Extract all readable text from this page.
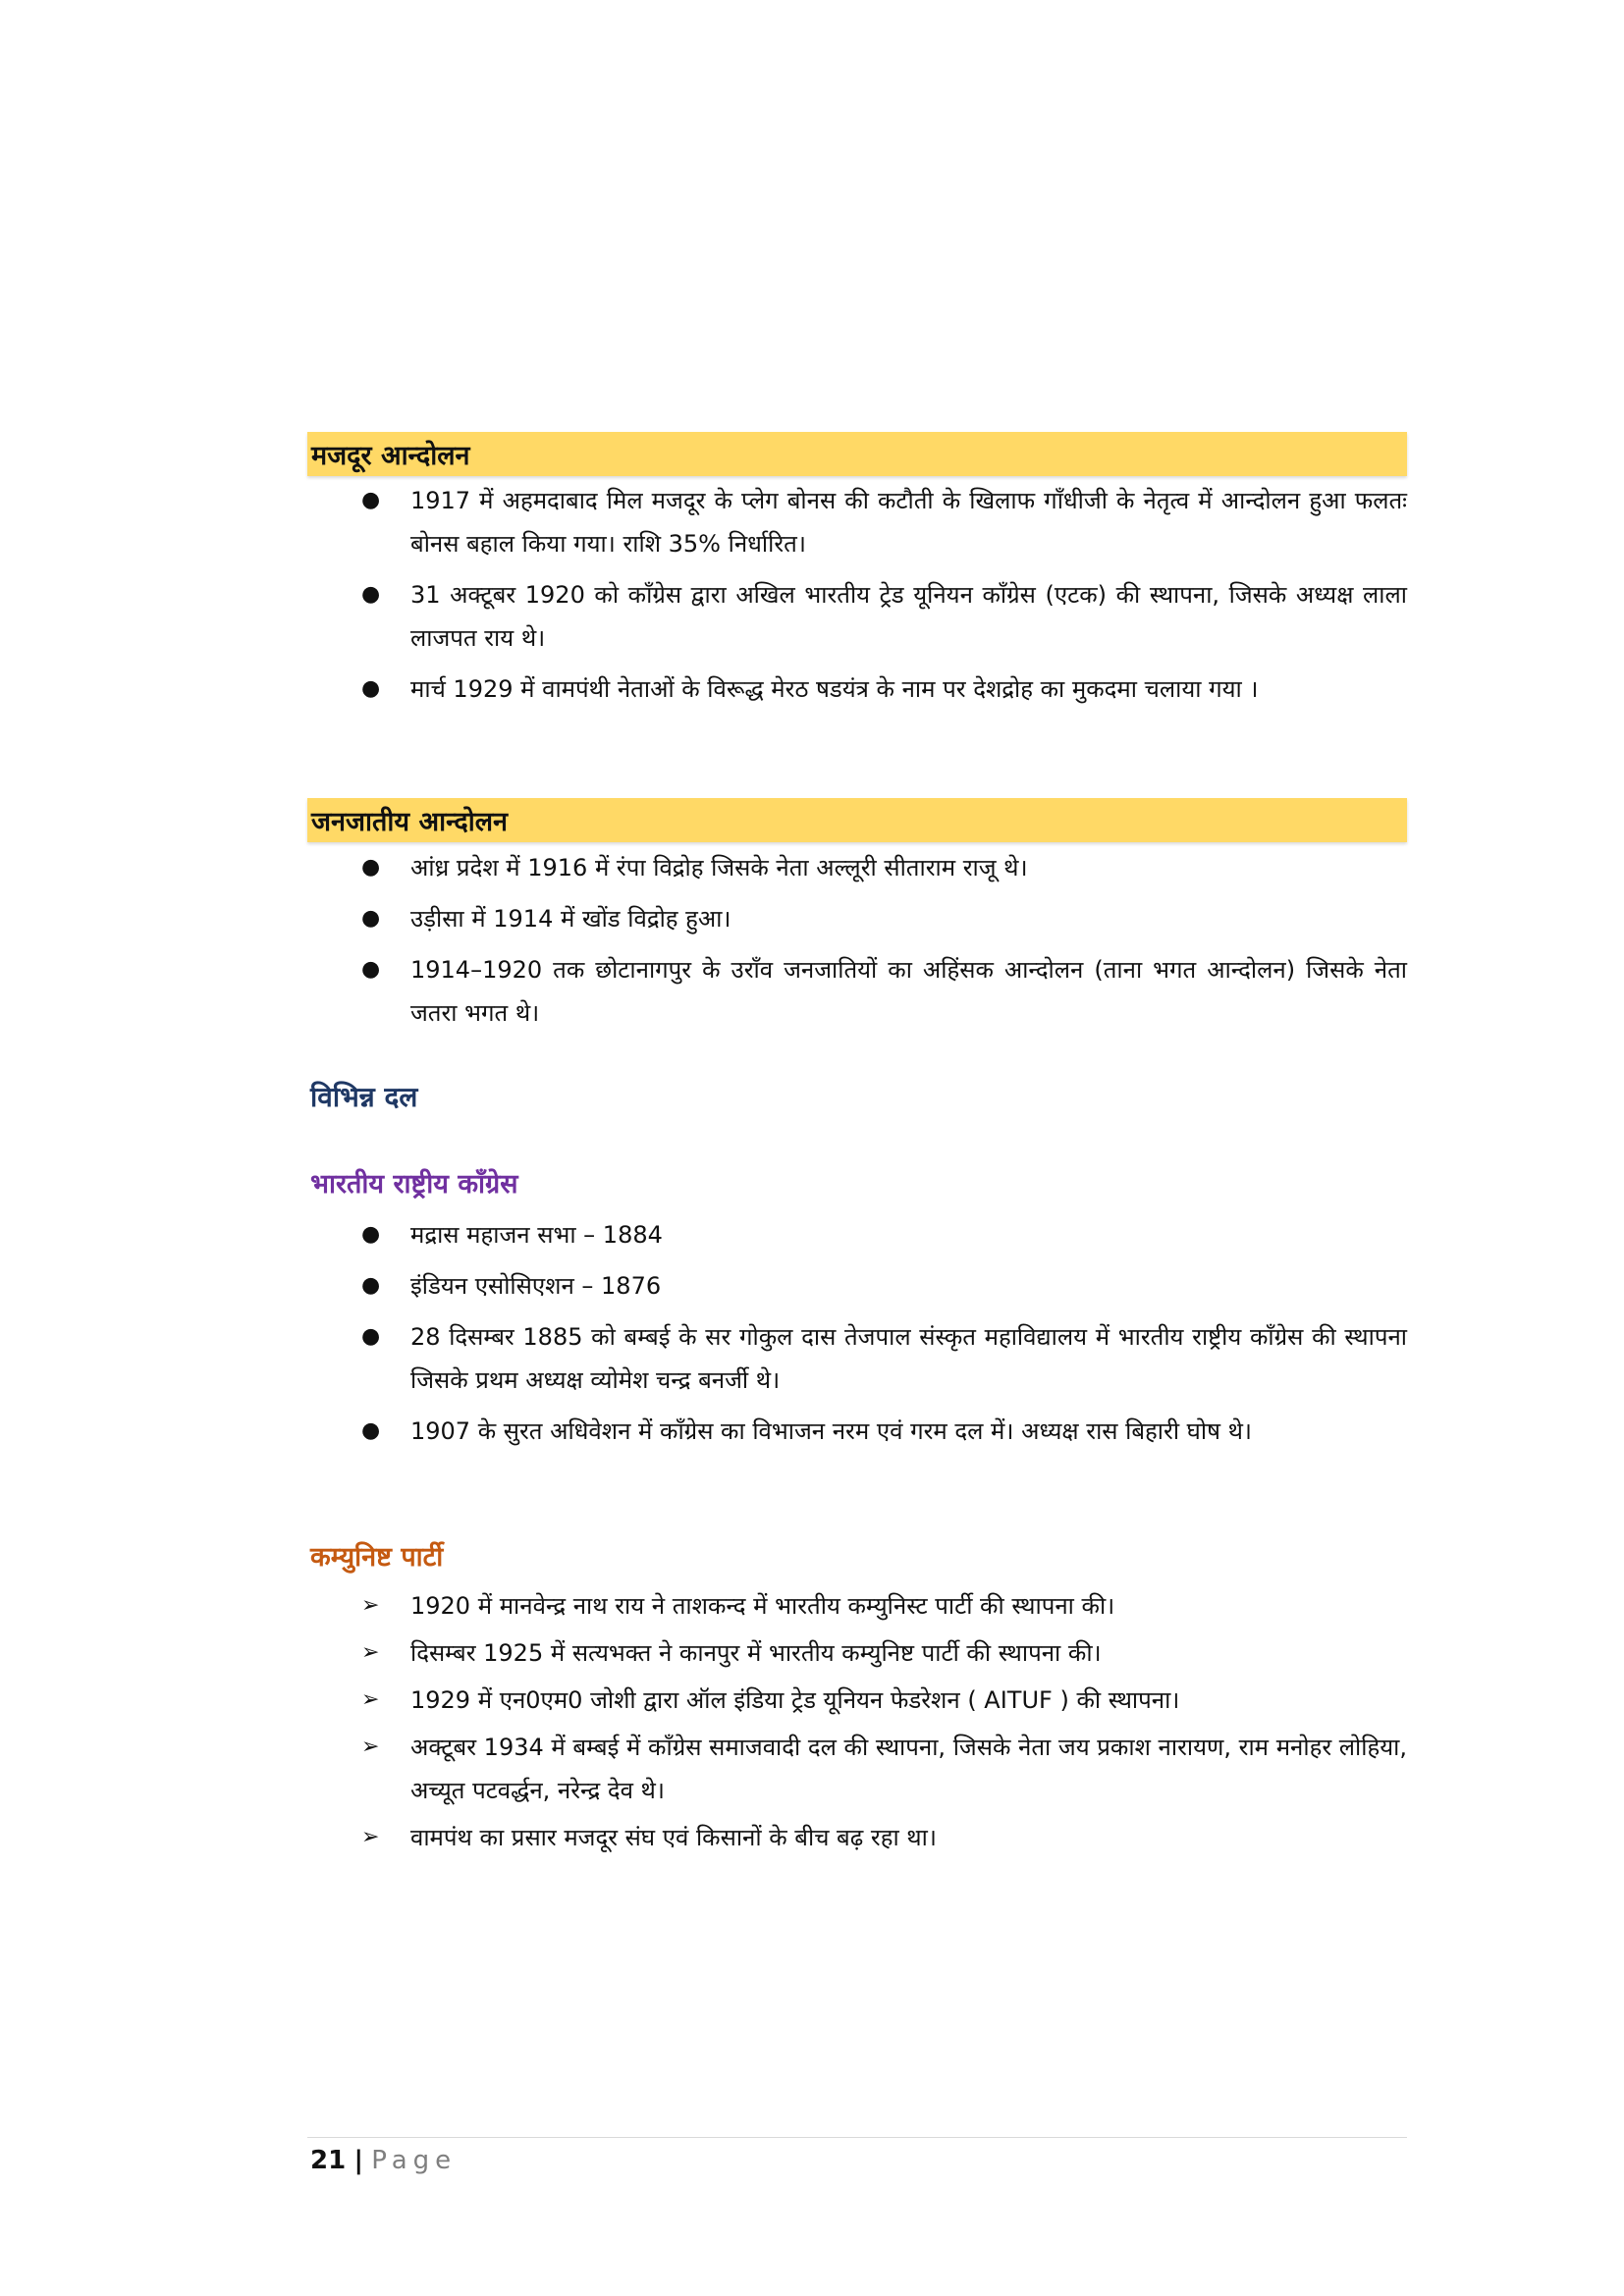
मजदूर आन्दोलन
● 1917 में अहमदाबाद मिल मजदूर के प्लेग बोनस की कटौती के खिलाफ गाँधीजी के नेतृत्व में आन्दोलन हुआ फलतः बोनस बहाल किया गया। राशि 35% निर्धारित।
● 31 अक्टूबर 1920 को कॉंग्रेस द्वारा अखिल भारतीय ट्रेड यूनियन कॉंग्रेस (एटक) की स्थापना, जिसके अध्यक्ष लाला लाजपत राय थे।
● मार्च 1929 में वामपंथी नेताओं के विरूद्ध मेरठ षडयंत्र के नाम पर देशद्रोह का मुकदमा चलाया गया ।
जनजातीय आन्दोलन
● आंध्र प्रदेश में 1916 में रंपा विद्रोह जिसके नेता अल्लूरी सीताराम राजू थे।
● उड़ीसा में 1914 में खोंड विद्रोह हुआ।
● 1914–1920 तक छोटानागपुर के उराँव जनजातियों का अहिंसक आन्दोलन (ताना भगत आन्दोलन) जिसके नेता जतरा भगत थे।
विभिन्न दल
भारतीय राष्ट्रीय कॉंग्रेस
● मद्रास महाजन सभा – 1884
● इंडियन एसोसिएशन – 1876
● 28 दिसम्बर 1885 को बम्बई के सर गोकुल दास तेजपाल संस्कृत महाविद्यालय में भारतीय राष्ट्रीय कॉंग्रेस की स्थापना जिसके प्रथम अध्यक्ष व्योमेश चन्द्र बनर्जी थे।
● 1907 के सुरत अधिवेशन में कॉंग्रेस का विभाजन नरम एवं गरम दल में। अध्यक्ष रास बिहारी घोष थे।
कम्युनिष्ट पार्टी
➢ 1920 में मानवेन्द्र नाथ राय ने ताशकन्द में भारतीय कम्युनिस्ट पार्टी की स्थापना की।
➢ दिसम्बर 1925 में सत्यभक्त ने कानपुर में भारतीय कम्युनिष्ट पार्टी की स्थापना की।
➢ 1929 में एन0एम0 जोशी द्वारा ऑल इंडिया ट्रेड यूनियन फेडरेशन ( AITUF ) की स्थापना।
➢ अक्टूबर 1934 में बम्बई में कॉंग्रेस समाजवादी दल की स्थापना, जिसके नेता जय प्रकाश नारायण, राम मनोहर लोहिया, अच्यूत पटवर्द्धन, नरेन्द्र देव थे।
➢ वामपंथ का प्रसार मजदूर संघ एवं किसानों के बीच बढ़ रहा था।
21 | Page
